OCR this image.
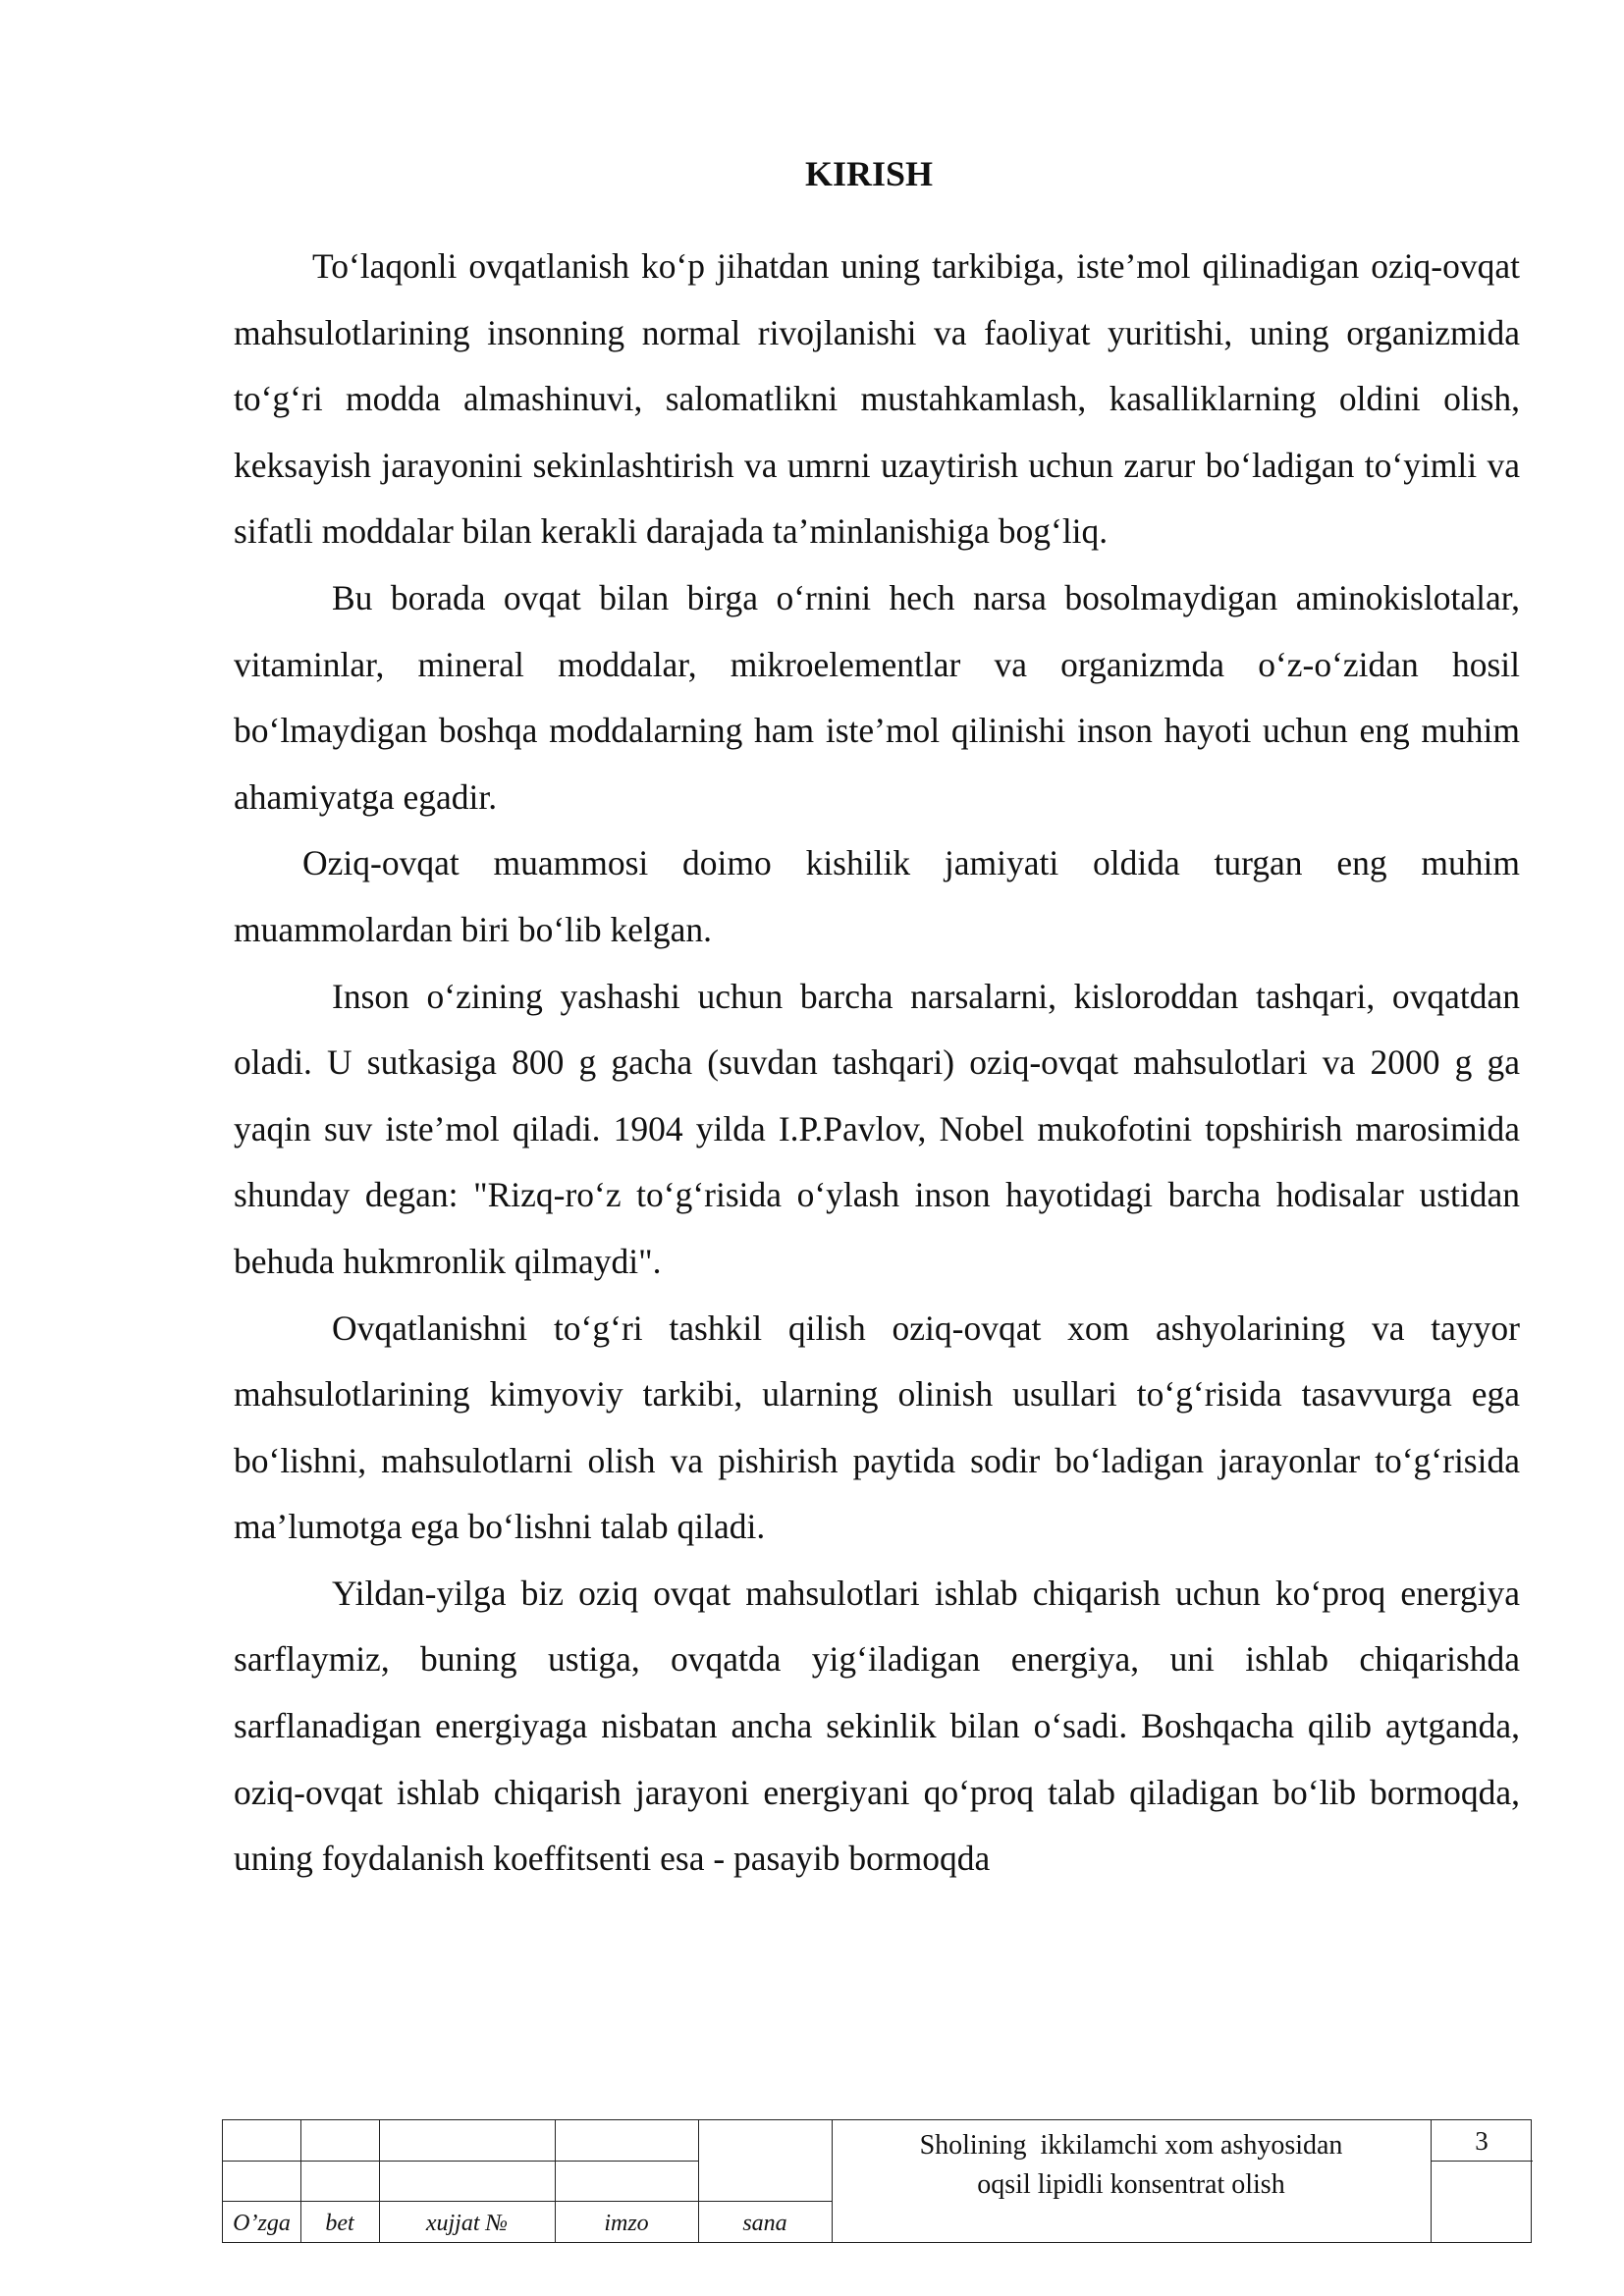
KIRISH

To‘laqonli ovqatlanish ko‘p jihatdan uning tarkibiga, iste’mol qilinadigan oziq-ovqat mahsulotlarining insonning normal rivojlanishi va faoliyat yuritishi, uning organizmida to‘g‘ri modda almashinuvi, salomatlikni mustahkamlash, kasalliklarning oldini olish, keksayish jarayonini sekinlashtirish va umrni uzaytirish uchun zarur bo‘ladigan to‘yimli va sifatli moddalar bilan kerakli darajada ta’minlanishiga bog‘liq.

Bu borada ovqat bilan birga o‘rnini hech narsa bosolmaydigan aminokislotalar, vitaminlar, mineral moddalar, mikroelementlar va organizmda o‘z-o‘zidan hosil bo‘lmaydigan boshqa moddalarning ham iste’mol qilinishi inson hayoti uchun eng muhim ahamiyatga egadir.

Oziq-ovqat muammosi doimo kishilik jamiyati oldida turgan eng muhim muammolardan biri bo‘lib kelgan.

Inson o‘zining yashashi uchun barcha narsalarni, kisloroddan tashqari, ovqatdan oladi. U sutkasiga 800 g gacha (suvdan tashqari) oziq-ovqat mahsulotlari va 2000 g ga yaqin suv iste’mol qiladi. 1904 yilda I.P.Pavlov, Nobel mukofotini topshirish marosimida shunday degan: "Rizq-ro‘z to‘g‘risida o‘ylash inson hayotidagi barcha hodisalar ustidan behuda hukmronlik qilmaydi".

Ovqatlanishni to‘g‘ri tashkil qilish oziq-ovqat xom ashyolarining va tayyor mahsulotlarining kimyoviy tarkibi, ularning olinish usullari to‘g‘risida tasavvurga ega bo‘lishni, mahsulotlarni olish va pishirish paytida sodir bo‘ladigan jarayonlar to‘g‘risida ma’lumotga ega bo‘lishni talab qiladi.

Yildan-yilga biz oziq ovqat mahsulotlari ishlab chiqarish uchun ko‘proq energiya sarflaymiz, buning ustiga, ovqatda yig‘iladigan energiya, uni ishlab chiqarishda sarflanadigan energiyaga nisbatan ancha sekinlik bilan o‘sadi. Boshqacha qilib aytganda, oziq-ovqat ishlab chiqarish jarayoni energiyani qo‘proq talab qiladigan bo‘lib bormoqda, uning foydalanish koeffitsenti esa - pasayib bormoqda

O’zga	bet	xujjat №	imzo	sana
Sholining  ikkilamchi xom ashyosidan
oqsil lipidli konsentrat olish
3
